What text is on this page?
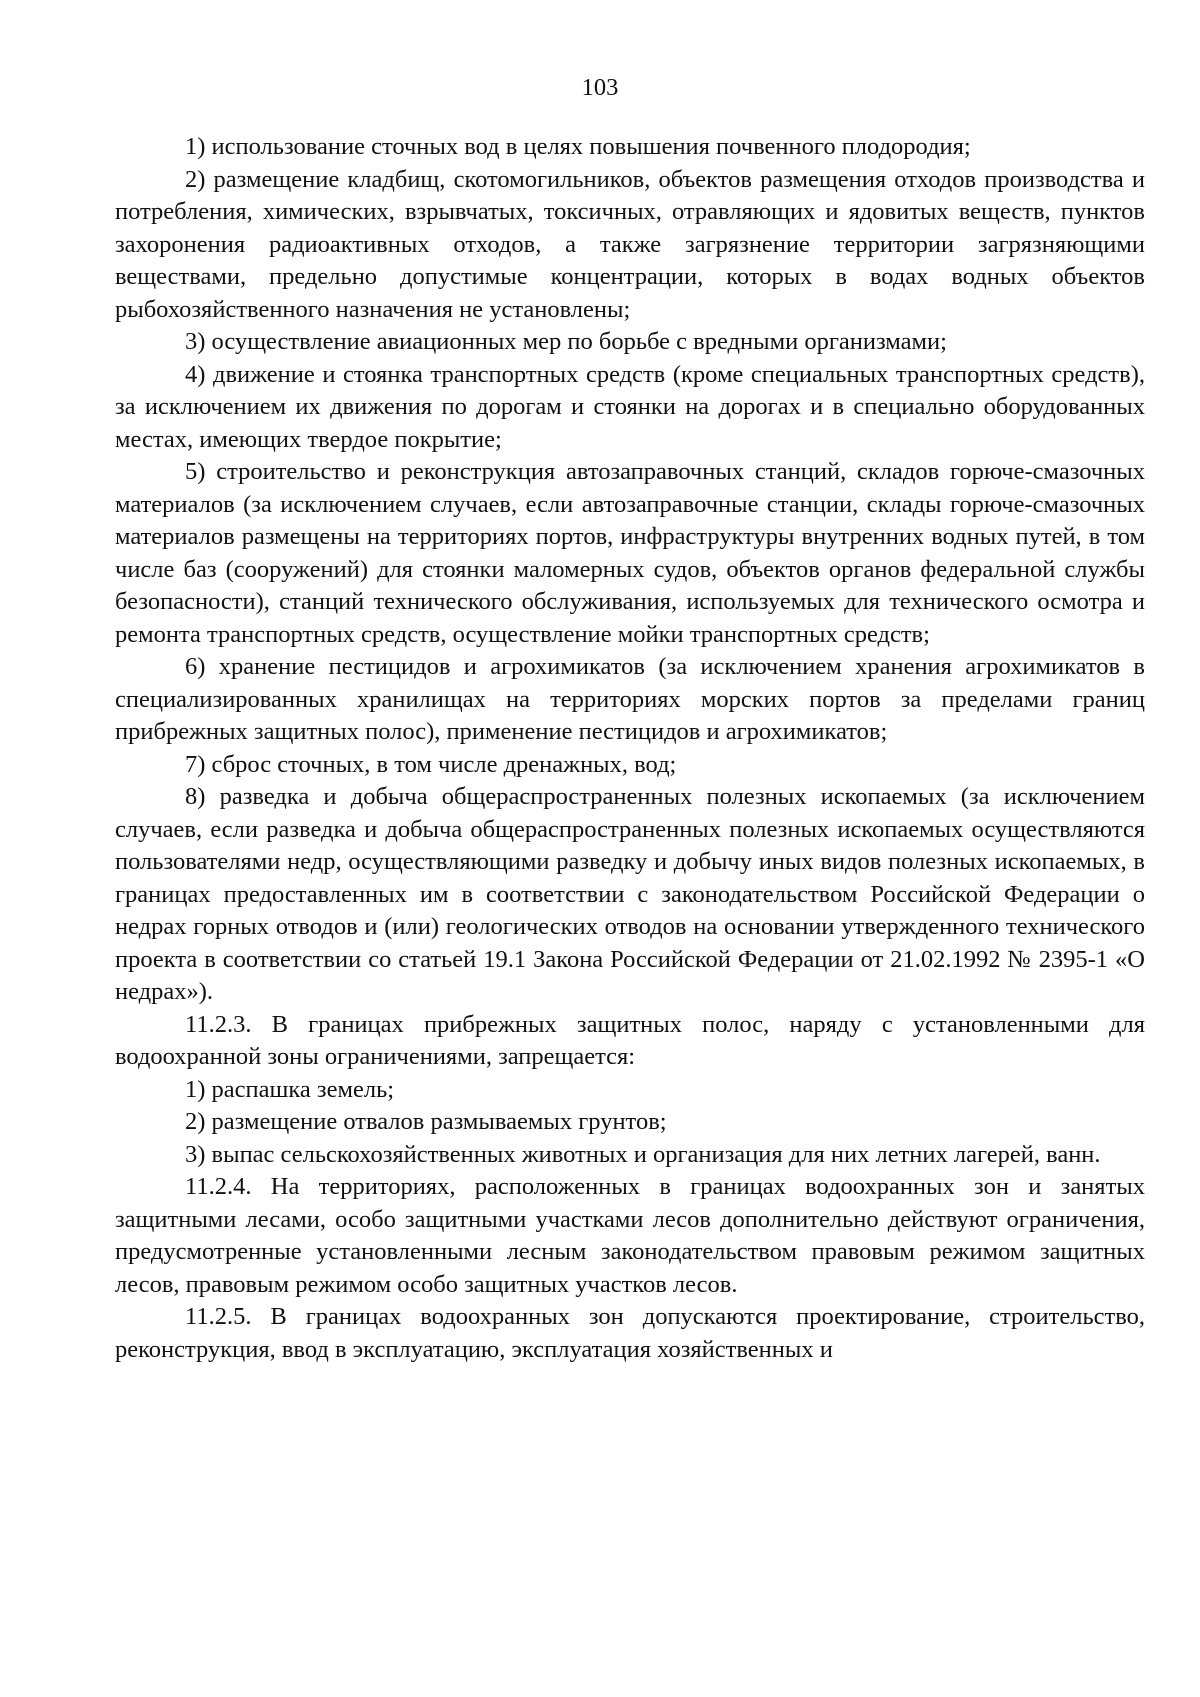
103

1) использование сточных вод в целях повышения почвенного плодородия;

2) размещение кладбищ, скотомогильников, объектов размещения отходов производства и потребления, химических, взрывчатых, токсичных, отравляющих и ядовитых веществ, пунктов захоронения радиоактивных отходов, а также загрязнение территории загрязняющими веществами, предельно допустимые концентрации, которых в водах водных объектов рыбохозяйственного назначения не установлены;

3) осуществление авиационных мер по борьбе с вредными организмами;

4) движение и стоянка транспортных средств (кроме специальных транспортных средств), за исключением их движения по дорогам и стоянки на дорогах и в специально оборудованных местах, имеющих твердое покрытие;

5) строительство и реконструкция автозаправочных станций, складов горюче-смазочных материалов (за исключением случаев, если автозаправочные станции, склады горюче-смазочных материалов размещены на территориях портов, инфраструктуры внутренних водных путей, в том числе баз (сооружений) для стоянки маломерных судов, объектов органов федеральной службы безопасности), станций технического обслуживания, используемых для технического осмотра и ремонта транспортных средств, осуществление мойки транспортных средств;

6) хранение пестицидов и агрохимикатов (за исключением хранения агрохимикатов в специализированных хранилищах на территориях морских портов за пределами границ прибрежных защитных полос), применение пестицидов и агрохимикатов;

7) сброс сточных, в том числе дренажных, вод;

8) разведка и добыча общераспространенных полезных ископаемых (за исключением случаев, если разведка и добыча общераспространенных полезных ископаемых осуществляются пользователями недр, осуществляющими разведку и добычу иных видов полезных ископаемых, в границах предоставленных им в соответствии с законодательством Российской Федерации о недрах горных отводов и (или) геологических отводов на основании утвержденного технического проекта в соответствии со статьей 19.1 Закона Российской Федерации от 21.02.1992 № 2395-1 «О недрах»).

11.2.3. В границах прибрежных защитных полос, наряду с установленными для водоохранной зоны ограничениями, запрещается:

1) распашка земель;

2) размещение отвалов размываемых грунтов;

3) выпас сельскохозяйственных животных и организация для них летних лагерей, ванн.

11.2.4. На территориях, расположенных в границах водоохранных зон и занятых защитными лесами, особо защитными участками лесов дополнительно действуют ограничения, предусмотренные установленными лесным законодательством правовым режимом защитных лесов, правовым режимом особо защитных участков лесов.

11.2.5. В границах водоохранных зон допускаются проектирование, строительство, реконструкция, ввод в эксплуатацию, эксплуатация хозяйственных и
